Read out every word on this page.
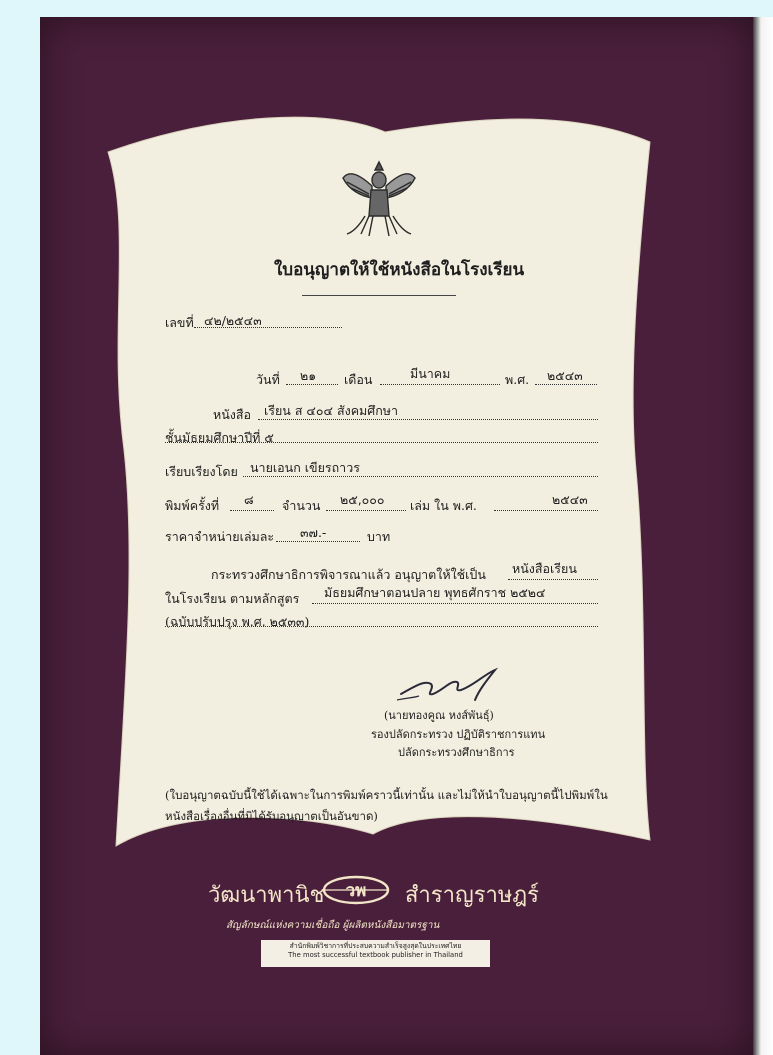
ใบอนุญาตให้ใช้หนังสือในโรงเรียน
เลขที่ ๔๒/๒๕๔๓
วันที่ ๒๑ เดือน	มีนาคม	พ.ศ. ๒๕๔๓
หนังสือ เรียน ส ๔๐๔ สังคมศึกษา
ชั้นมัธยมศึกษาปีที่ ๕
เรียบเรียงโดย นายเอนก เขียรถาวร
พิมพ์ครั้งที่ ๘ จำนวน ๒๕,๐๐๐ เล่ม ใน พ.ศ.	๒๕๔๓
ราคาจำหน่ายเล่มละ ๓๗.-	บาท
กระทรวงศึกษาธิการพิจารณาแล้ว อนุญาตให้ใช้เป็น หนังสือเรียน
ในโรงเรียน ตามหลักสูตร มัธยมศึกษาตอนปลาย พุทธศักราช ๒๕๒๔
(ฉบับปรับปรุง พ.ศ. ๒๕๓๓)
(นายทองคูณ หงส์พันธุ์)
รองปลัดกระทรวง ปฏิบัติราชการแทน
ปลัดกระทรวงศึกษาธิการ
(ใบอนุญาตฉบับนี้ใช้ได้เฉพาะในการพิมพ์คราวนี้เท่านั้น และไม่ให้นำใบอนุญาตนี้ไปพิมพ์ใน
หนังสือเรื่องอื่นที่มิได้รับอนุญาตเป็นอันขาด)
วัฒนาพานิช วพ สำราญราษฎร์
สัญลักษณ์แห่งความเชื่อถือ ผู้ผลิตหนังสือมาตรฐาน
สำนักพิมพ์วิชาการที่ประสบความสำเร็จสูงสุดในประเทศไทย
The most successful textbook publisher in Thailand
